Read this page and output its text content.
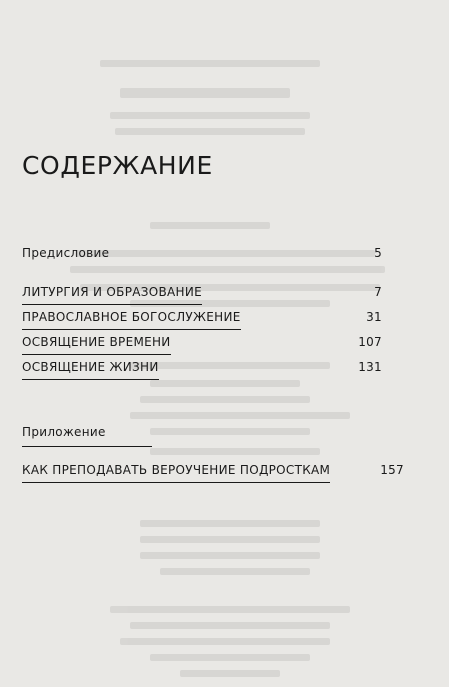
СОДЕРЖАНИЕ
Предисловие	5
ЛИТУРГИЯ И ОБРАЗОВАНИЕ	7
ПРАВОСЛАВНОЕ БОГОСЛУЖЕНИЕ	31
ОСВЯЩЕНИЕ ВРЕМЕНИ	107
ОСВЯЩЕНИЕ ЖИЗНИ	131
Приложение
КАК ПРЕПОДАВАТЬ ВЕРОУЧЕНИЕ ПОДРОСТКАМ	157
